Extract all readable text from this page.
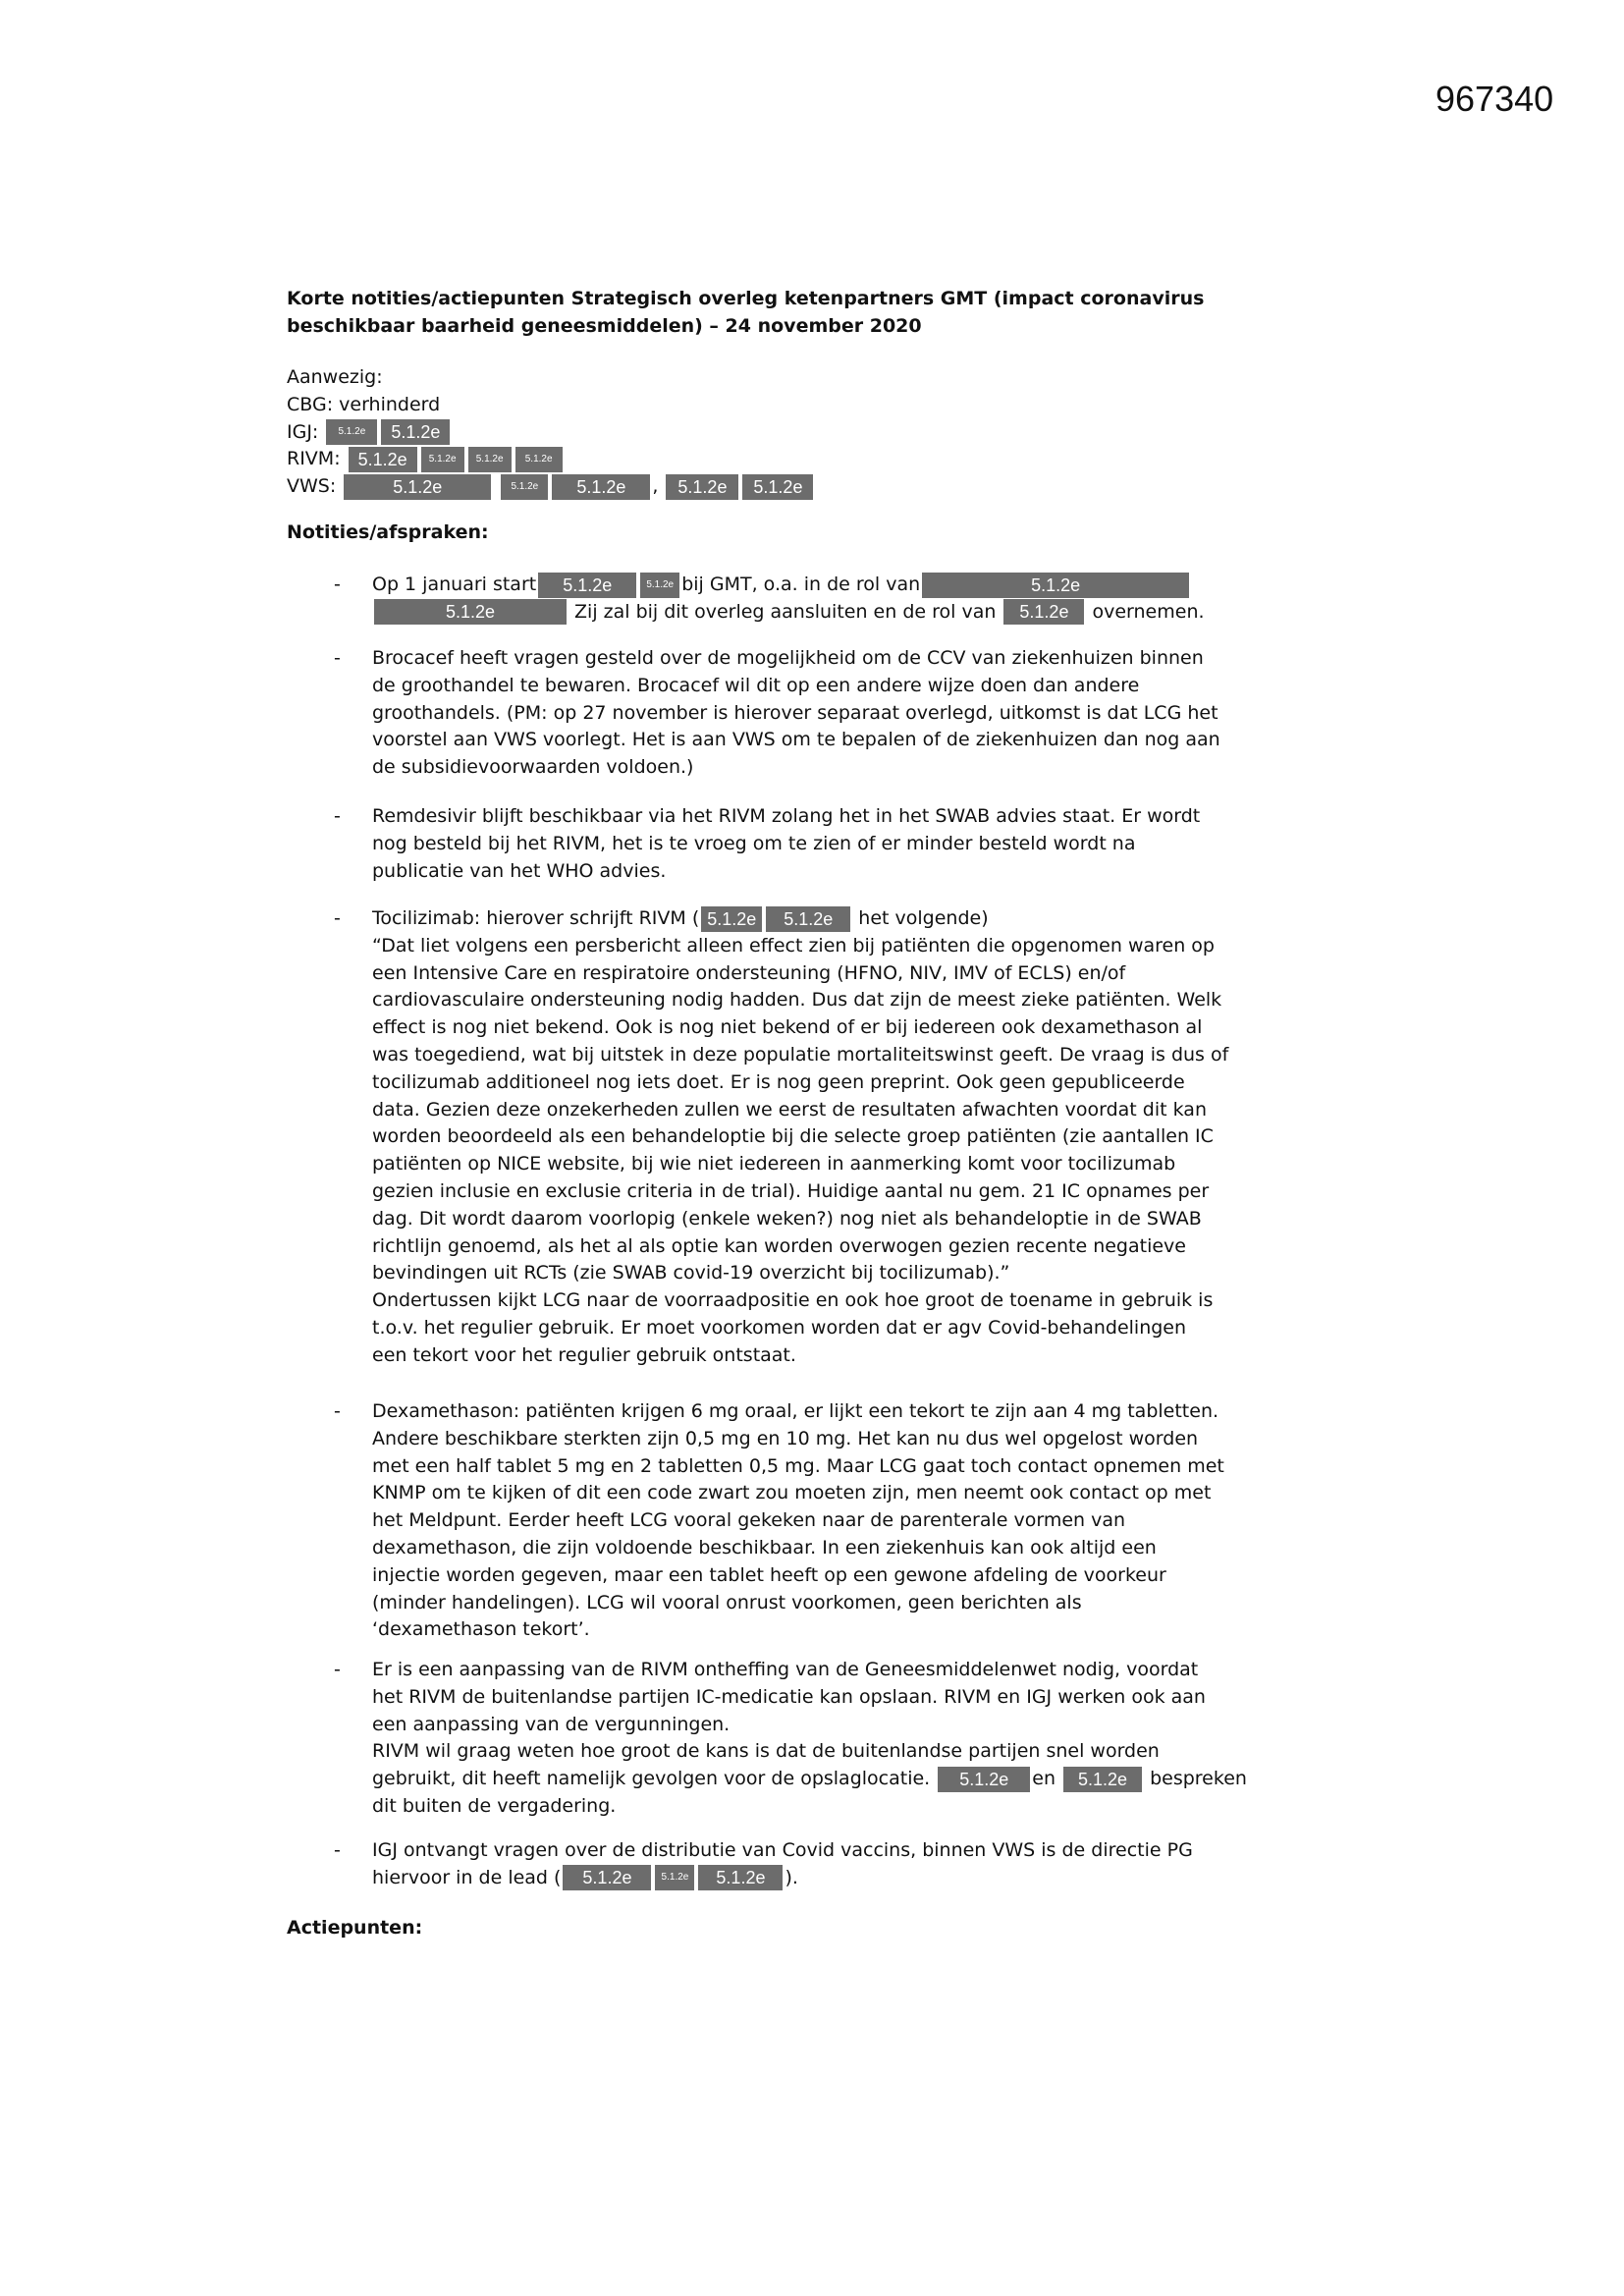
967340
Korte notities/actiepunten Strategisch overleg ketenpartners GMT (impact coronavirus
beschikbaar baarheid geneesmiddelen) – 24 november 2020
Aanwezig:
CBG: verhinderd
IGJ: 5.1.2e 5.1.2e
RIVM: 5.1.2e 5.1.2e 5.1.2e 5.1.2e
VWS:	5.1.2e	5.1.2e 5.1.2e , 5.1.2e 5.1.2e
Notities/afspraken:
- Op 1 januari start 5.1.2e	5.1.2e bij GMT, o.a. in de rol van	5.1.2e
5.1.2e	Zij zal bij dit overleg aansluiten en de rol van 5.1.2e overnemen.
- Brocacef heeft vragen gesteld over de mogelijkheid om de CCV van ziekenhuizen binnen
de groothandel te bewaren. Brocacef wil dit op een andere wijze doen dan andere
groothandels. (PM: op 27 november is hierover separaat overlegd, uitkomst is dat LCG het
voorstel aan VWS voorlegt. Het is aan VWS om te bepalen of de ziekenhuizen dan nog aan
de subsidievoorwaarden voldoen.)
- Remdesivir blijft beschikbaar via het RIVM zolang het in het SWAB advies staat. Er wordt
nog besteld bij het RIVM, het is te vroeg om te zien of er minder besteld wordt na
publicatie van het WHO advies.
- Tocilizimab: hierover schrijft RIVM ( 5.1.2e 5.1.2e het volgende)
“Dat liet volgens een persbericht alleen effect zien bij patiënten die opgenomen waren op
een Intensive Care en respiratoire ondersteuning (HFNO, NIV, IMV of ECLS) en/of
cardiovasculaire ondersteuning nodig hadden. Dus dat zijn de meest zieke patiënten. Welk
effect is nog niet bekend. Ook is nog niet bekend of er bij iedereen ook dexamethason al
was toegediend, wat bij uitstek in deze populatie mortaliteitswinst geeft. De vraag is dus of
tocilizumab additioneel nog iets doet. Er is nog geen preprint. Ook geen gepubliceerde
data. Gezien deze onzekerheden zullen we eerst de resultaten afwachten voordat dit kan
worden beoordeeld als een behandeloptie bij die selecte groep patiënten (zie aantallen IC
patiënten op NICE website, bij wie niet iedereen in aanmerking komt voor tocilizumab
gezien inclusie en exclusie criteria in de trial). Huidige aantal nu gem. 21 IC opnames per
dag. Dit wordt daarom voorlopig (enkele weken?) nog niet als behandeloptie in de SWAB
richtlijn genoemd, als het al als optie kan worden overwogen gezien recente negatieve
bevindingen uit RCTs (zie SWAB covid-19 overzicht bij tocilizumab).”
Ondertussen kijkt LCG naar de voorraadpositie en ook hoe groot de toename in gebruik is
t.o.v. het regulier gebruik. Er moet voorkomen worden dat er agv Covid-behandelingen
een tekort voor het regulier gebruik ontstaat.
- Dexamethason: patiënten krijgen 6 mg oraal, er lijkt een tekort te zijn aan 4 mg tabletten.
Andere beschikbare sterkten zijn 0,5 mg en 10 mg. Het kan nu dus wel opgelost worden
met een half tablet 5 mg en 2 tabletten 0,5 mg. Maar LCG gaat toch contact opnemen met
KNMP om te kijken of dit een code zwart zou moeten zijn, men neemt ook contact op met
het Meldpunt. Eerder heeft LCG vooral gekeken naar de parenterale vormen van
dexamethason, die zijn voldoende beschikbaar. In een ziekenhuis kan ook altijd een
injectie worden gegeven, maar een tablet heeft op een gewone afdeling de voorkeur
(minder handelingen). LCG wil vooral onrust voorkomen, geen berichten als
‘dexamethason tekort’.
- Er is een aanpassing van de RIVM ontheffing van de Geneesmiddelenwet nodig, voordat
het RIVM de buitenlandse partijen IC-medicatie kan opslaan. RIVM en IGJ werken ook aan
een aanpassing van de vergunningen.
RIVM wil graag weten hoe groot de kans is dat de buitenlandse partijen snel worden
gebruikt, dit heeft namelijk gevolgen voor de opslaglocatie. 5.1.2e en 5.1.2e bespreken
dit buiten de vergadering.
- IGJ ontvangt vragen over de distributie van Covid vaccins, binnen VWS is de directie PG
hiervoor in de lead ( 5.1.2e	5.1.2e 5.1.2e ).
Actiepunten:
